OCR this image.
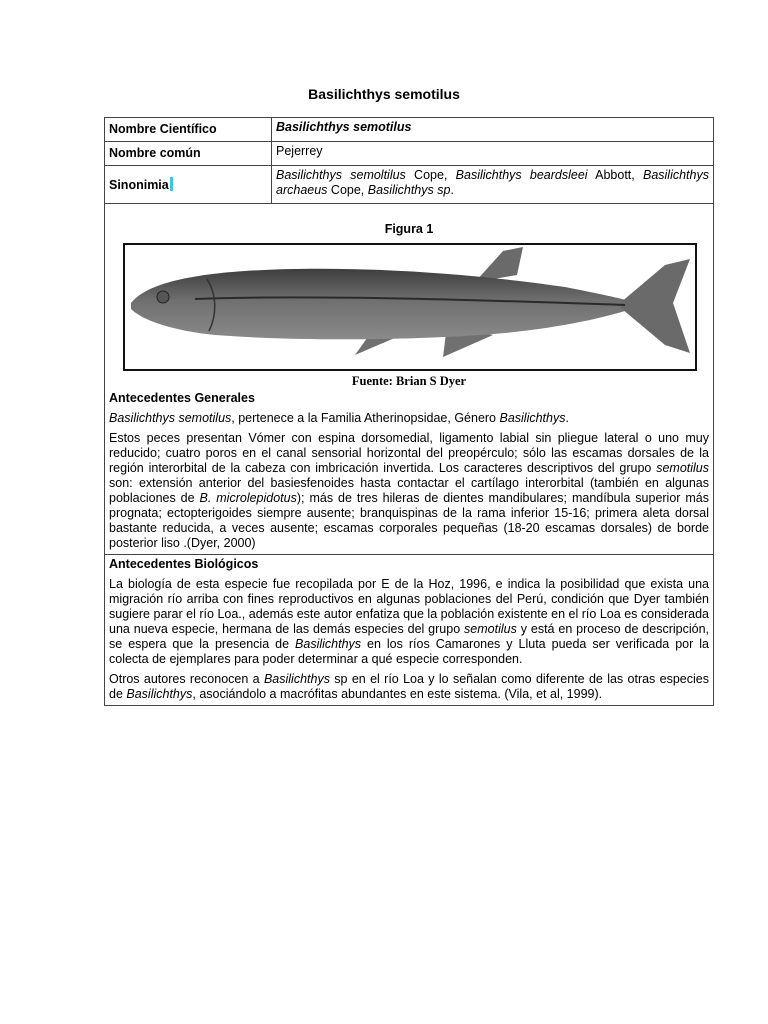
Basilichthys semotilus
Nombre Científico	Basilichthys semotilus
Nombre común	Pejerrey
Sinonimia	Basilichthys semoltilus Cope, Basilichthys beardsleei Abbott, Basilichthys archaeus Cope, Basilichthys sp.

Figura 1
Fuente: Brian S Dyer
Antecedentes Generales

Basilichthys semotilus, pertenece a la Familia Atherinopsidae, Género Basilichthys.

Estos peces presentan Vómer con espina dorsomedial, ligamento labial sin pliegue lateral o uno muy reducido; cuatro poros en el canal sensorial horizontal del preopérculo; sólo las escamas dorsales de la región interorbital de la cabeza con imbricación invertida. Los caracteres descriptivos del grupo semotilus son: extensión anterior del basiesfenoides hasta contactar el cartílago interorbital (también en algunas poblaciones de B. microlepidotus); más de tres hileras de dientes mandibulares; mandíbula superior más prognata; ectopterigoides siempre ausente; branquispinas de la rama inferior 15-16; primera aleta dorsal bastante reducida, a veces ausente; escamas corporales pequeñas (18-20 escamas dorsales) de borde posterior liso .(Dyer, 2000)	

Antecedentes Biológicos

La biología de esta especie fue recopilada por E de la Hoz, 1996, e indica la posibilidad que exista una migración río arriba con fines reproductivos en algunas poblaciones del Perú, condición que Dyer también sugiere parar el río Loa., además este autor enfatiza que la población existente en el río Loa es considerada una nueva especie, hermana de las demás especies del grupo semotilus y está en proceso de descripción, se espera que la presencia de Basilichthys en los ríos Camarones y Lluta pueda ser verificada por la colecta de ejemplares para poder determinar a qué especie corresponden.

Otros autores reconocen a Basilichthys sp en el río Loa y lo señalan como diferente de las otras especies de Basilichthys, asociándolo a macrófitas abundantes en este sistema. (Vila, et al, 1999).	
